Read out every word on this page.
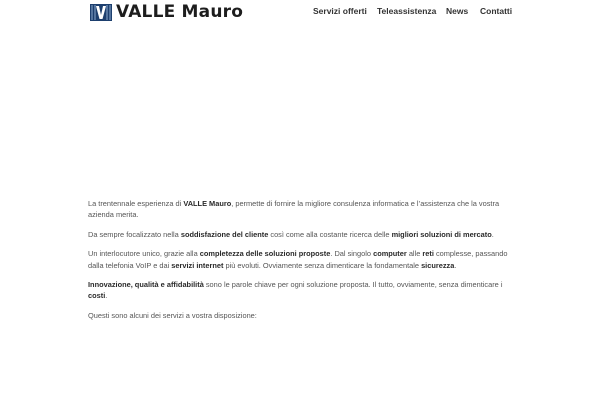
VALLE Mauro	Servizi offerti Teleassistenza News Contatti

La trentennale esperienza di VALLE Mauro, permette di fornire la migliore consulenza informatica e l’assistenza che la vostra azienda merita.

Da sempre focalizzato nella soddisfazione del cliente così come alla costante ricerca delle migliori soluzioni di mercato.

Un interlocutore unico, grazie alla completezza delle soluzioni proposte. Dal singolo computer alle reti complesse, passando dalla telefonia VoIP e dai servizi internet più evoluti. Ovviamente senza dimenticare la fondamentale sicurezza.

Innovazione, qualità e affidabilità sono le parole chiave per ogni soluzione proposta. Il tutto, ovviamente, senza dimenticare i costi.

Questi sono alcuni dei servizi a vostra disposizione:
